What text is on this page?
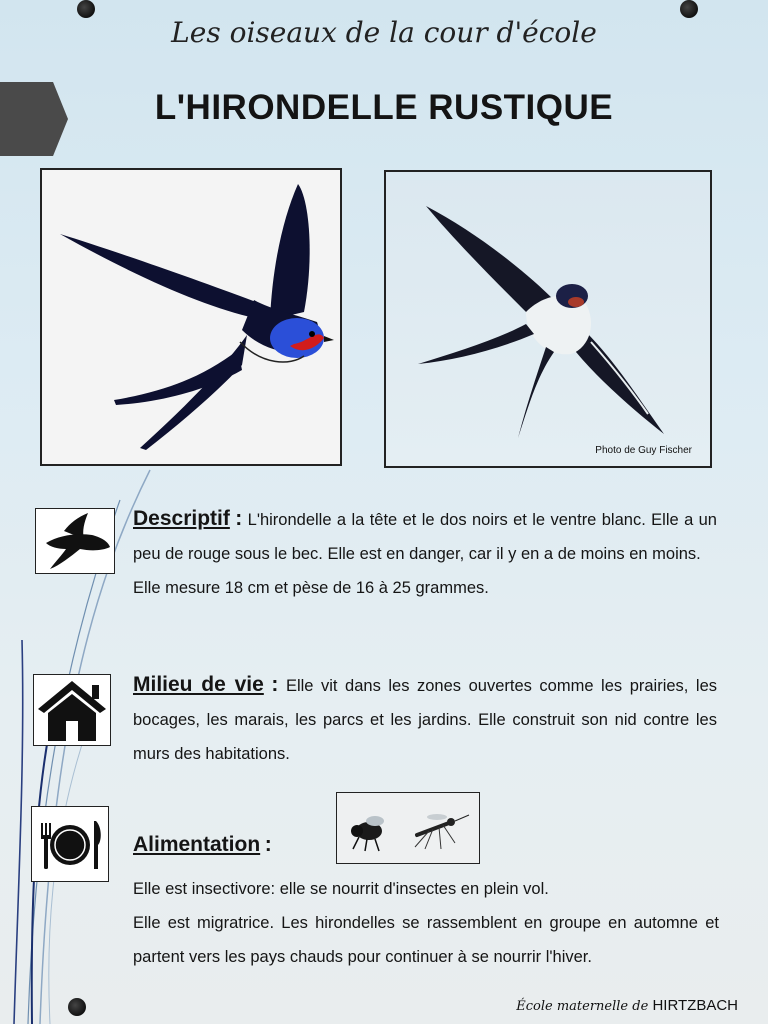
Les oiseaux de la cour d'école
L'HIRONDELLE RUSTIQUE
Photo de Guy Fischer
Descriptif : L'hirondelle a la tête et le dos noirs et le ventre blanc. Elle a un peu de rouge sous le bec. Elle est en danger, car il y en a de moins en moins.
Elle mesure 18 cm et pèse de 16 à 25 grammes.
Milieu de vie : Elle vit dans les zones ouvertes comme les prairies, les bocages, les marais, les parcs et les jardins. Elle construit son nid contre les murs des habitations.
Alimentation :
Elle est insectivore: elle se nourrit d'insectes en plein vol.
Elle est migratrice. Les hirondelles se rassemblent en groupe en automne et partent vers les pays chauds pour continuer à se nourrir l'hiver.
École maternelle de HIRTZBACH
